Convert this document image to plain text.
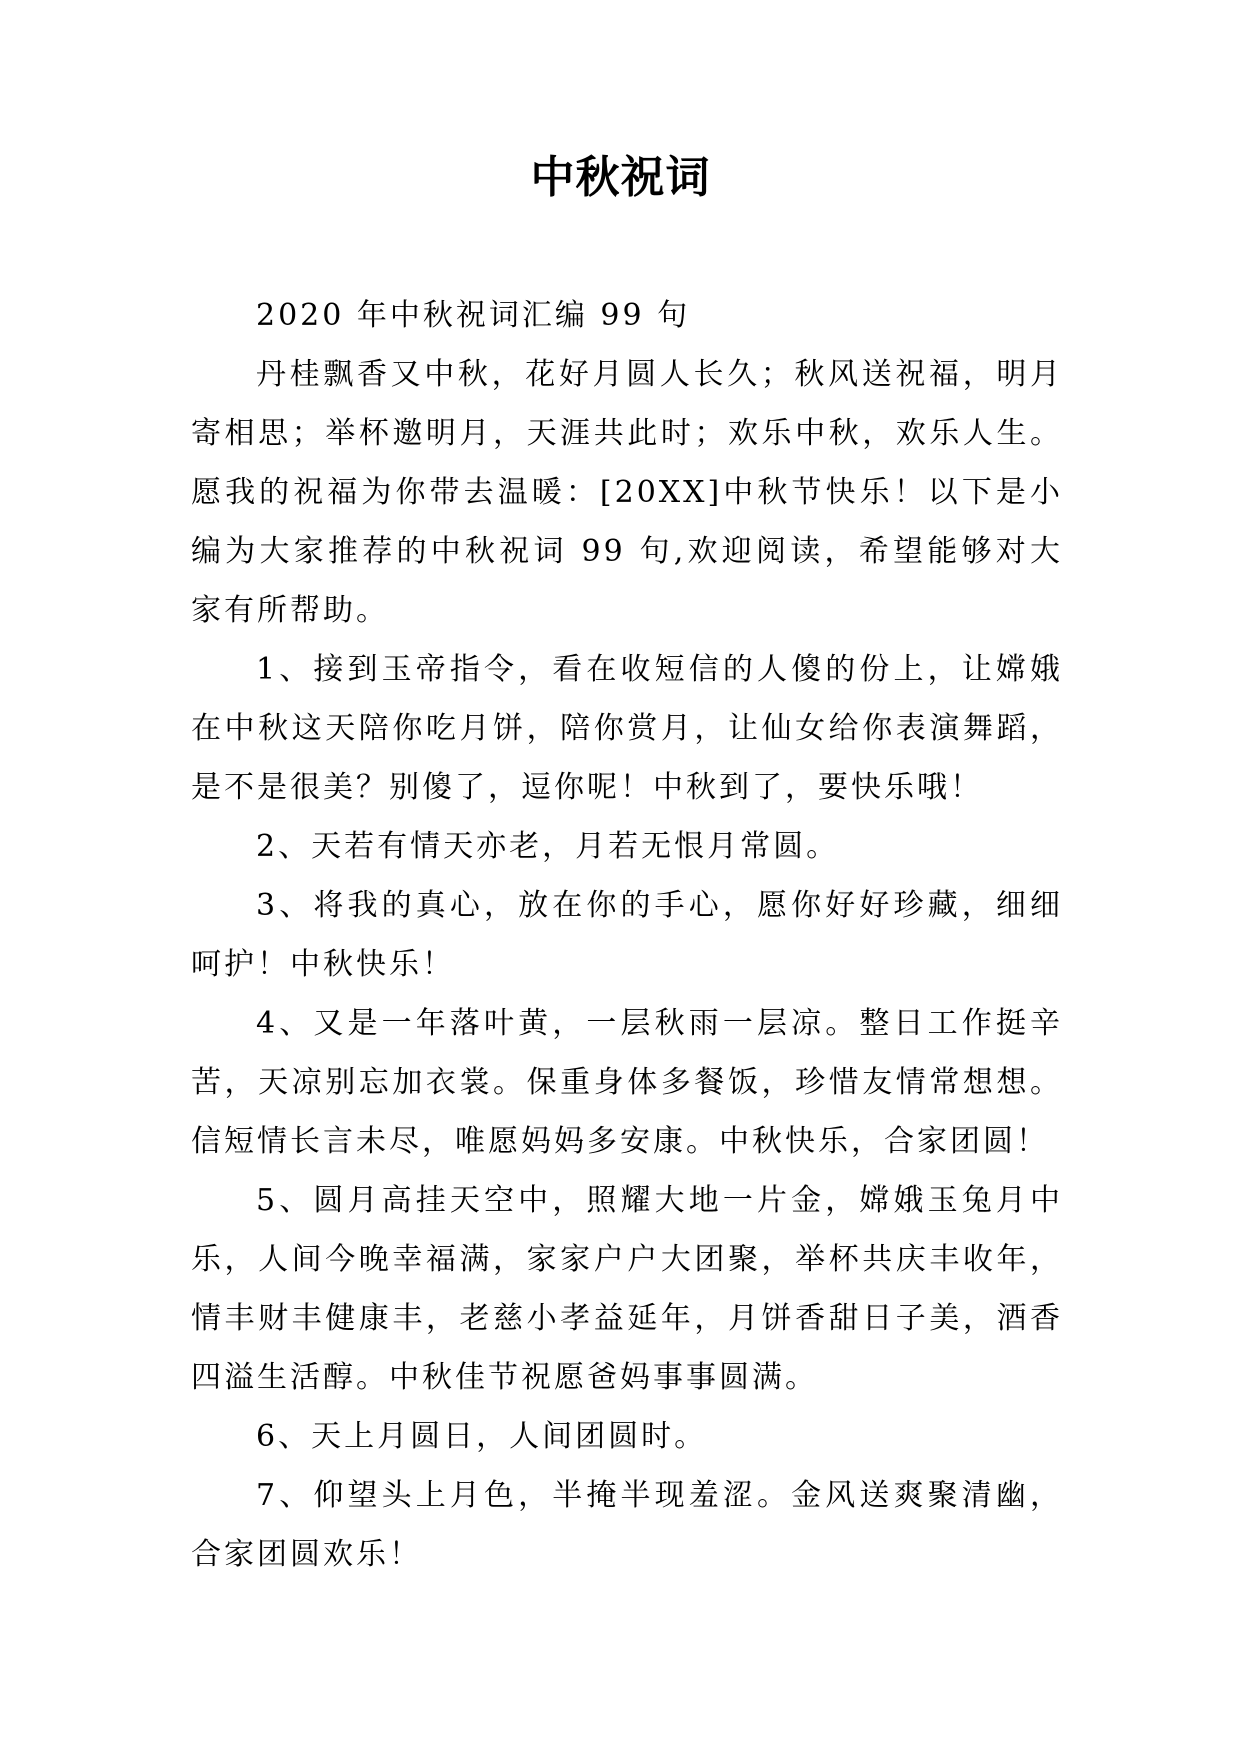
中秋祝词

2020 年中秋祝词汇编 99 句

丹桂飘香又中秋，花好月圆人长久；秋风送祝福，明月寄相思；举杯邀明月，天涯共此时；欢乐中秋，欢乐人生。愿我的祝福为你带去温暖：[20XX]中秋节快乐！以下是小编为大家推荐的中秋祝词 99 句,欢迎阅读，希望能够对大家有所帮助。

1、接到玉帝指令，看在收短信的人傻的份上，让嫦娥在中秋这天陪你吃月饼，陪你赏月，让仙女给你表演舞蹈，是不是很美？别傻了，逗你呢！中秋到了，要快乐哦！

2、天若有情天亦老，月若无恨月常圆。

3、将我的真心，放在你的手心，愿你好好珍藏，细细呵护！中秋快乐！

4、又是一年落叶黄，一层秋雨一层凉。整日工作挺辛苦，天凉别忘加衣裳。保重身体多餐饭，珍惜友情常想想。信短情长言未尽，唯愿妈妈多安康。中秋快乐，合家团圆！

5、圆月高挂天空中，照耀大地一片金，嫦娥玉兔月中乐，人间今晚幸福满，家家户户大团聚，举杯共庆丰收年，情丰财丰健康丰，老慈小孝益延年，月饼香甜日子美，酒香四溢生活醇。中秋佳节祝愿爸妈事事圆满。

6、天上月圆日，人间团圆时。

7、仰望头上月色，半掩半现羞涩。金风送爽聚清幽，合家团圆欢乐！
